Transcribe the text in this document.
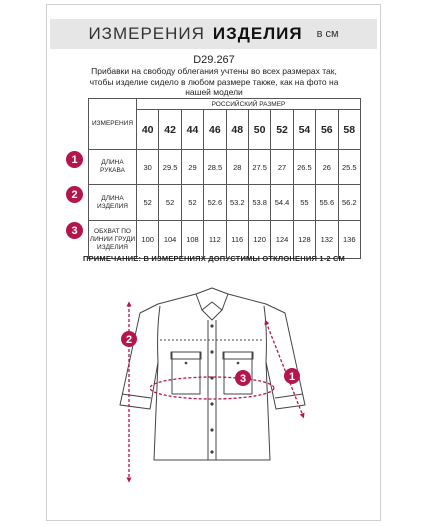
ИЗМЕРЕНИЯ ИЗДЕЛИЯ в см
D29.267
Прибавки на свободу облегания учтены во всех размерах так, чтобы изделие сидело в любом размере также, как на фото на нашей модели
ИЗМЕРЕНИЯ	РОССИЙСКИЙ РАЗМЕР									
	40	42	44	46	48	50	52	54	56	58
ДЛИНА РУКАВА	30	29.5	29	28.5	28	27.5	27	26.5	26	25.5
ДЛИНА ИЗДЕЛИЯ	52	52	52	52.6	53.2	53.8	54.4	55	55.6	56.2
ОБХВАТ ПО ЛИНИИ ГРУДИ ИЗДЕЛИЯ	100	104	108	112	116	120	124	128	132	136
1
2
3
ПРИМЕЧАНИЕ: В ИЗМЕРЕНИЯХ ДОПУСТИМЫ ОТКЛОНЕНИЯ 1-2 СМ
2
1
3
